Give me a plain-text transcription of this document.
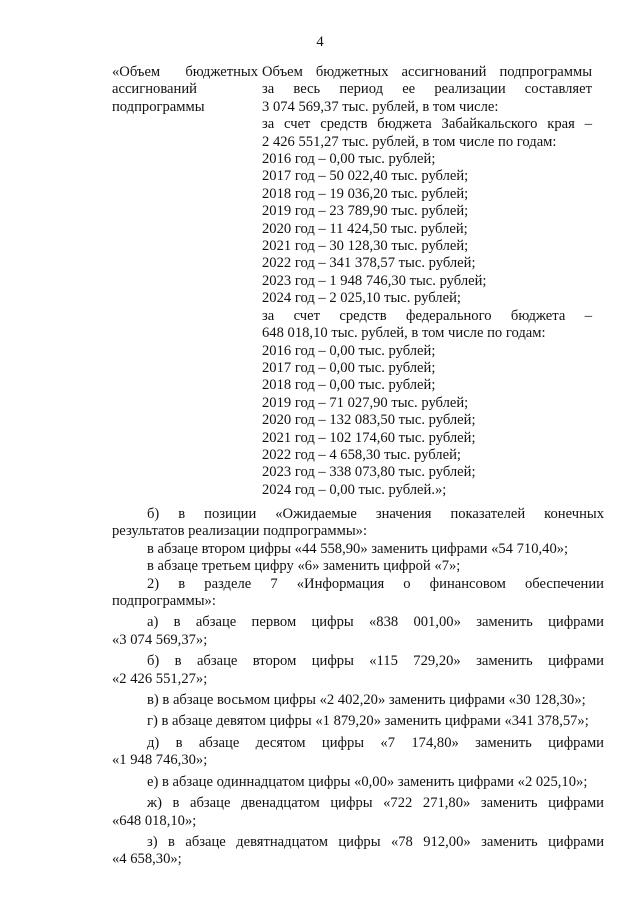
4
«Объем бюджетных
ассигнований
подпрограммы
Объем бюджетных ассигнований подпрограммы
за весь период ее реализации составляет
3 074 569,37 тыс. рублей, в том числе:
за счет средств бюджета Забайкальского края –
2 426 551,27 тыс. рублей, в том числе по годам:
2016 год – 0,00 тыс. рублей;
2017 год – 50 022,40 тыс. рублей;
2018 год – 19 036,20 тыс. рублей;
2019 год – 23 789,90 тыс. рублей;
2020 год – 11 424,50 тыс. рублей;
2021 год – 30 128,30 тыс. рублей;
2022 год – 341 378,57 тыс. рублей;
2023 год – 1 948 746,30 тыс. рублей;
2024 год – 2 025,10 тыс. рублей;
за счет средств федерального бюджета –
648 018,10 тыс. рублей, в том числе по годам:
2016 год – 0,00 тыс. рублей;
2017 год – 0,00 тыс. рублей;
2018 год – 0,00 тыс. рублей;
2019 год – 71 027,90 тыс. рублей;
2020 год – 132 083,50 тыс. рублей;
2021 год – 102 174,60 тыс. рублей;
2022 год – 4 658,30 тыс. рублей;
2023 год – 338 073,80 тыс. рублей;
2024 год – 0,00 тыс. рублей.»;

б) в позиции «Ожидаемые значения показателей конечных

результатов реализации подпрограммы»:

в абзаце втором цифры «44 558,90» заменить цифрами «54 710,40»;

в абзаце третьем цифру «6» заменить цифрой «7»;

2) в разделе 7 «Информация о финансовом обеспечении

подпрограммы»:

а) в абзаце первом цифры «838 001,00» заменить цифрами

«3 074 569,37»;

б) в абзаце втором цифры «115 729,20» заменить цифрами

«2 426 551,27»;

в) в абзаце восьмом цифры «2 402,20» заменить цифрами «30 128,30»;

г) в абзаце девятом цифры «1 879,20» заменить цифрами «341 378,57»;

д) в абзаце десятом цифры «7 174,80» заменить цифрами

«1 948 746,30»;

е) в абзаце одиннадцатом цифры «0,00» заменить цифрами «2 025,10»;

ж) в абзаце двенадцатом цифры «722 271,80» заменить цифрами

«648 018,10»;

з) в абзаце девятнадцатом цифры «78 912,00» заменить цифрами

«4 658,30»;
